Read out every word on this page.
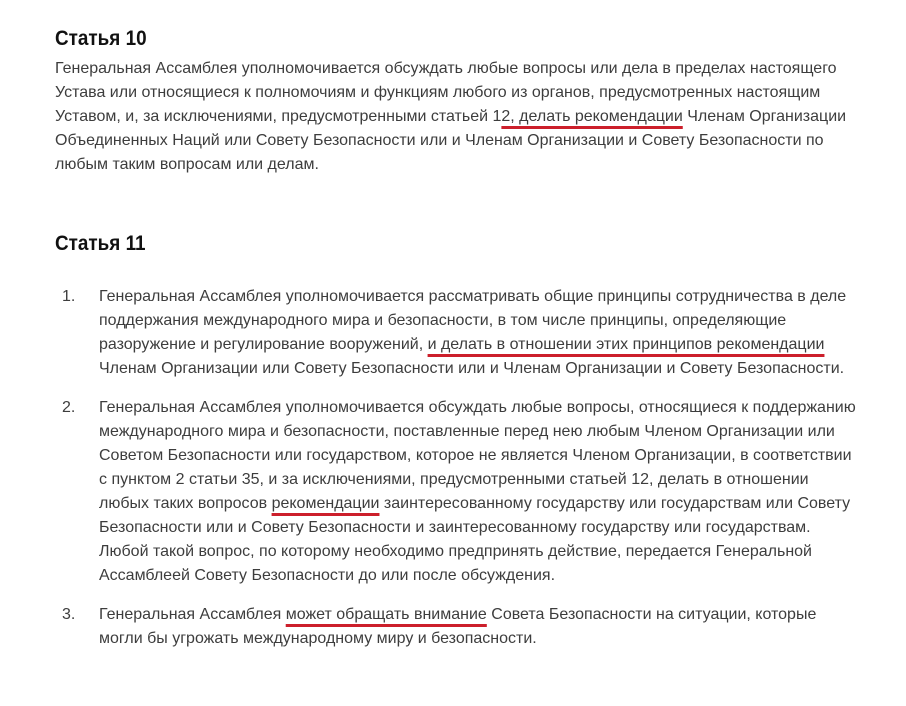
Статья 10

Генеральная Ассамблея уполномочивается обсуждать любые вопросы или дела в пределах настоящего Устава или относящиеся к полномочиям и функциям любого из органов, предусмотренных настоящим Уставом, и, за исключениями, предусмотренными статьей 12, делать рекомендации Членам Организации Объединенных Наций или Совету Безопасности или и Членам Организации и Совету Безопасности по любым таким вопросам или делам.

Статья 11
1. Генеральная Ассамблея уполномочивается рассматривать общие принципы сотрудничества в деле поддержания международного мира и безопасности, в том числе принципы, определяющие разоружение и регулирование вооружений, и делать в отношении этих принципов рекомендации Членам Организации или Совету Безопасности или и Членам Организации и Совету Безопасности.
2. Генеральная Ассамблея уполномочивается обсуждать любые вопросы, относящиеся к поддержанию международного мира и безопасности, поставленные перед нею любым Членом Организации или Советом Безопасности или государством, которое не является Членом Организации, в соответствии с пунктом 2 статьи 35, и за исключениями, предусмотренными статьей 12, делать в отношении любых таких вопросов рекомендации заинтересованному государству или государствам или Совету Безопасности или и Совету Безопасности и заинтересованному государству или государствам. Любой такой вопрос, по которому необходимо предпринять действие, передается Генеральной Ассамблеей Совету Безопасности до или после обсуждения.
3. Генеральная Ассамблея может обращать внимание Совета Безопасности на ситуации, которые могли бы угрожать международному миру и безопасности.
